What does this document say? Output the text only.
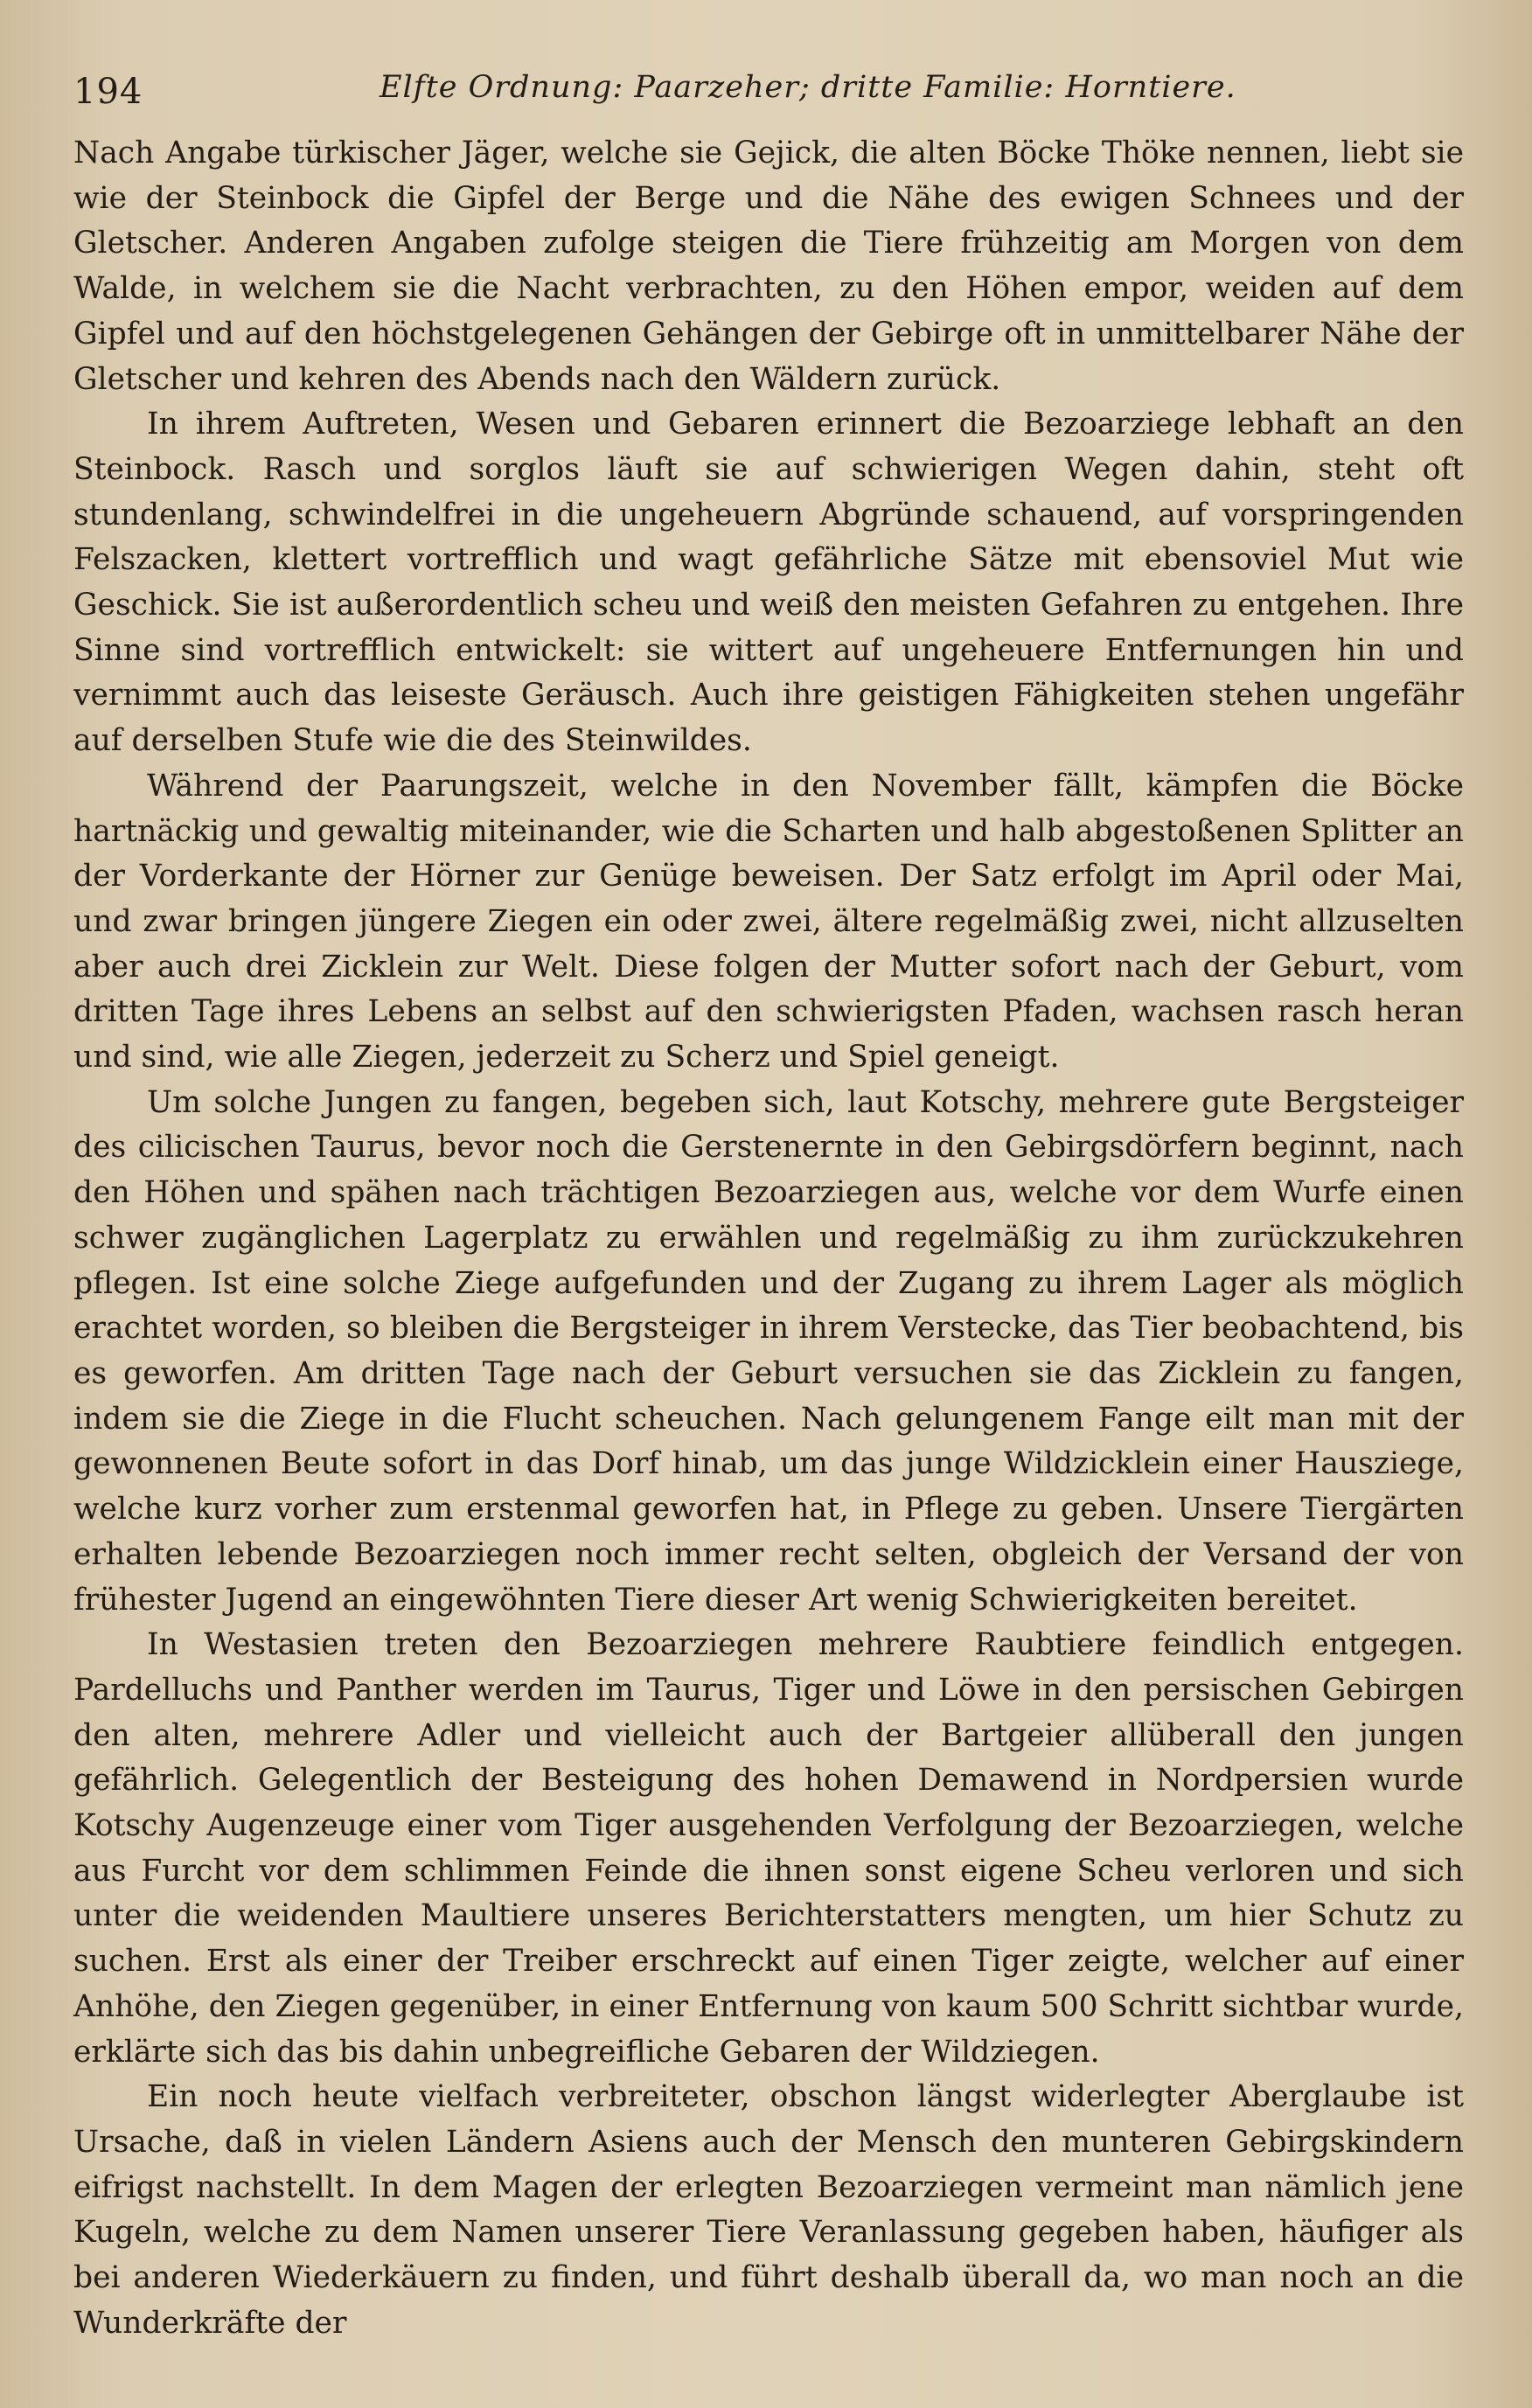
194	Elfte Ordnung: Paarzeher; dritte Familie: Horntiere.

Nach Angabe türkischer Jäger, welche sie Gejick, die alten Böcke Thöke nennen, liebt sie wie der Steinbock die Gipfel der Berge und die Nähe des ewigen Schnees und der Gletscher. Anderen Angaben zufolge steigen die Tiere frühzeitig am Morgen von dem Walde, in welchem sie die Nacht verbrachten, zu den Höhen empor, weiden auf dem Gipfel und auf den höchstgelegenen Gehängen der Gebirge oft in unmittelbarer Nähe der Gletscher und kehren des Abends nach den Wäldern zurück.

In ihrem Auftreten, Wesen und Gebaren erinnert die Bezoarziege lebhaft an den Steinbock. Rasch und sorglos läuft sie auf schwierigen Wegen dahin, steht oft stundenlang, schwindelfrei in die ungeheuern Abgründe schauend, auf vorspringenden Felszacken, klettert vortrefflich und wagt gefährliche Sätze mit ebensoviel Mut wie Geschick. Sie ist außerordentlich scheu und weiß den meisten Gefahren zu entgehen. Ihre Sinne sind vortrefflich entwickelt: sie wittert auf ungeheuere Entfernungen hin und vernimmt auch das leiseste Geräusch. Auch ihre geistigen Fähigkeiten stehen ungefähr auf derselben Stufe wie die des Steinwildes.

Während der Paarungszeit, welche in den November fällt, kämpfen die Böcke hartnäckig und gewaltig miteinander, wie die Scharten und halb abgestoßenen Splitter an der Vorderkante der Hörner zur Genüge beweisen. Der Satz erfolgt im April oder Mai, und zwar bringen jüngere Ziegen ein oder zwei, ältere regelmäßig zwei, nicht allzuselten aber auch drei Zicklein zur Welt. Diese folgen der Mutter sofort nach der Geburt, vom dritten Tage ihres Lebens an selbst auf den schwierigsten Pfaden, wachsen rasch heran und sind, wie alle Ziegen, jederzeit zu Scherz und Spiel geneigt.

Um solche Jungen zu fangen, begeben sich, laut Kotschy, mehrere gute Bergsteiger des cilicischen Taurus, bevor noch die Gerstenernte in den Gebirgsdörfern beginnt, nach den Höhen und spähen nach trächtigen Bezoarziegen aus, welche vor dem Wurfe einen schwer zugänglichen Lagerplatz zu erwählen und regelmäßig zu ihm zurückzukehren pflegen. Ist eine solche Ziege aufgefunden und der Zugang zu ihrem Lager als möglich erachtet worden, so bleiben die Bergsteiger in ihrem Verstecke, das Tier beobachtend, bis es geworfen. Am dritten Tage nach der Geburt versuchen sie das Zicklein zu fangen, indem sie die Ziege in die Flucht scheuchen. Nach gelungenem Fange eilt man mit der gewonnenen Beute sofort in das Dorf hinab, um das junge Wildzicklein einer Hausziege, welche kurz vorher zum erstenmal geworfen hat, in Pflege zu geben. Unsere Tiergärten erhalten lebende Bezoarziegen noch immer recht selten, obgleich der Versand der von frühester Jugend an eingewöhnten Tiere dieser Art wenig Schwierigkeiten bereitet.

In Westasien treten den Bezoarziegen mehrere Raubtiere feindlich entgegen. Pardelluchs und Panther werden im Taurus, Tiger und Löwe in den persischen Gebirgen den alten, mehrere Adler und vielleicht auch der Bartgeier allüberall den jungen gefährlich. Gelegentlich der Besteigung des hohen Demawend in Nordpersien wurde Kotschy Augenzeuge einer vom Tiger ausgehenden Verfolgung der Bezoarziegen, welche aus Furcht vor dem schlimmen Feinde die ihnen sonst eigene Scheu verloren und sich unter die weidenden Maultiere unseres Berichterstatters mengten, um hier Schutz zu suchen. Erst als einer der Treiber erschreckt auf einen Tiger zeigte, welcher auf einer Anhöhe, den Ziegen gegenüber, in einer Entfernung von kaum 500 Schritt sichtbar wurde, erklärte sich das bis dahin unbegreifliche Gebaren der Wildziegen.

Ein noch heute vielfach verbreiteter, obschon längst widerlegter Aberglaube ist Ursache, daß in vielen Ländern Asiens auch der Mensch den munteren Gebirgskindern eifrigst nachstellt. In dem Magen der erlegten Bezoarziegen vermeint man nämlich jene Kugeln, welche zu dem Namen unserer Tiere Veranlassung gegeben haben, häufiger als bei anderen Wiederkäuern zu finden, und führt deshalb überall da, wo man noch an die Wunderkräfte der
